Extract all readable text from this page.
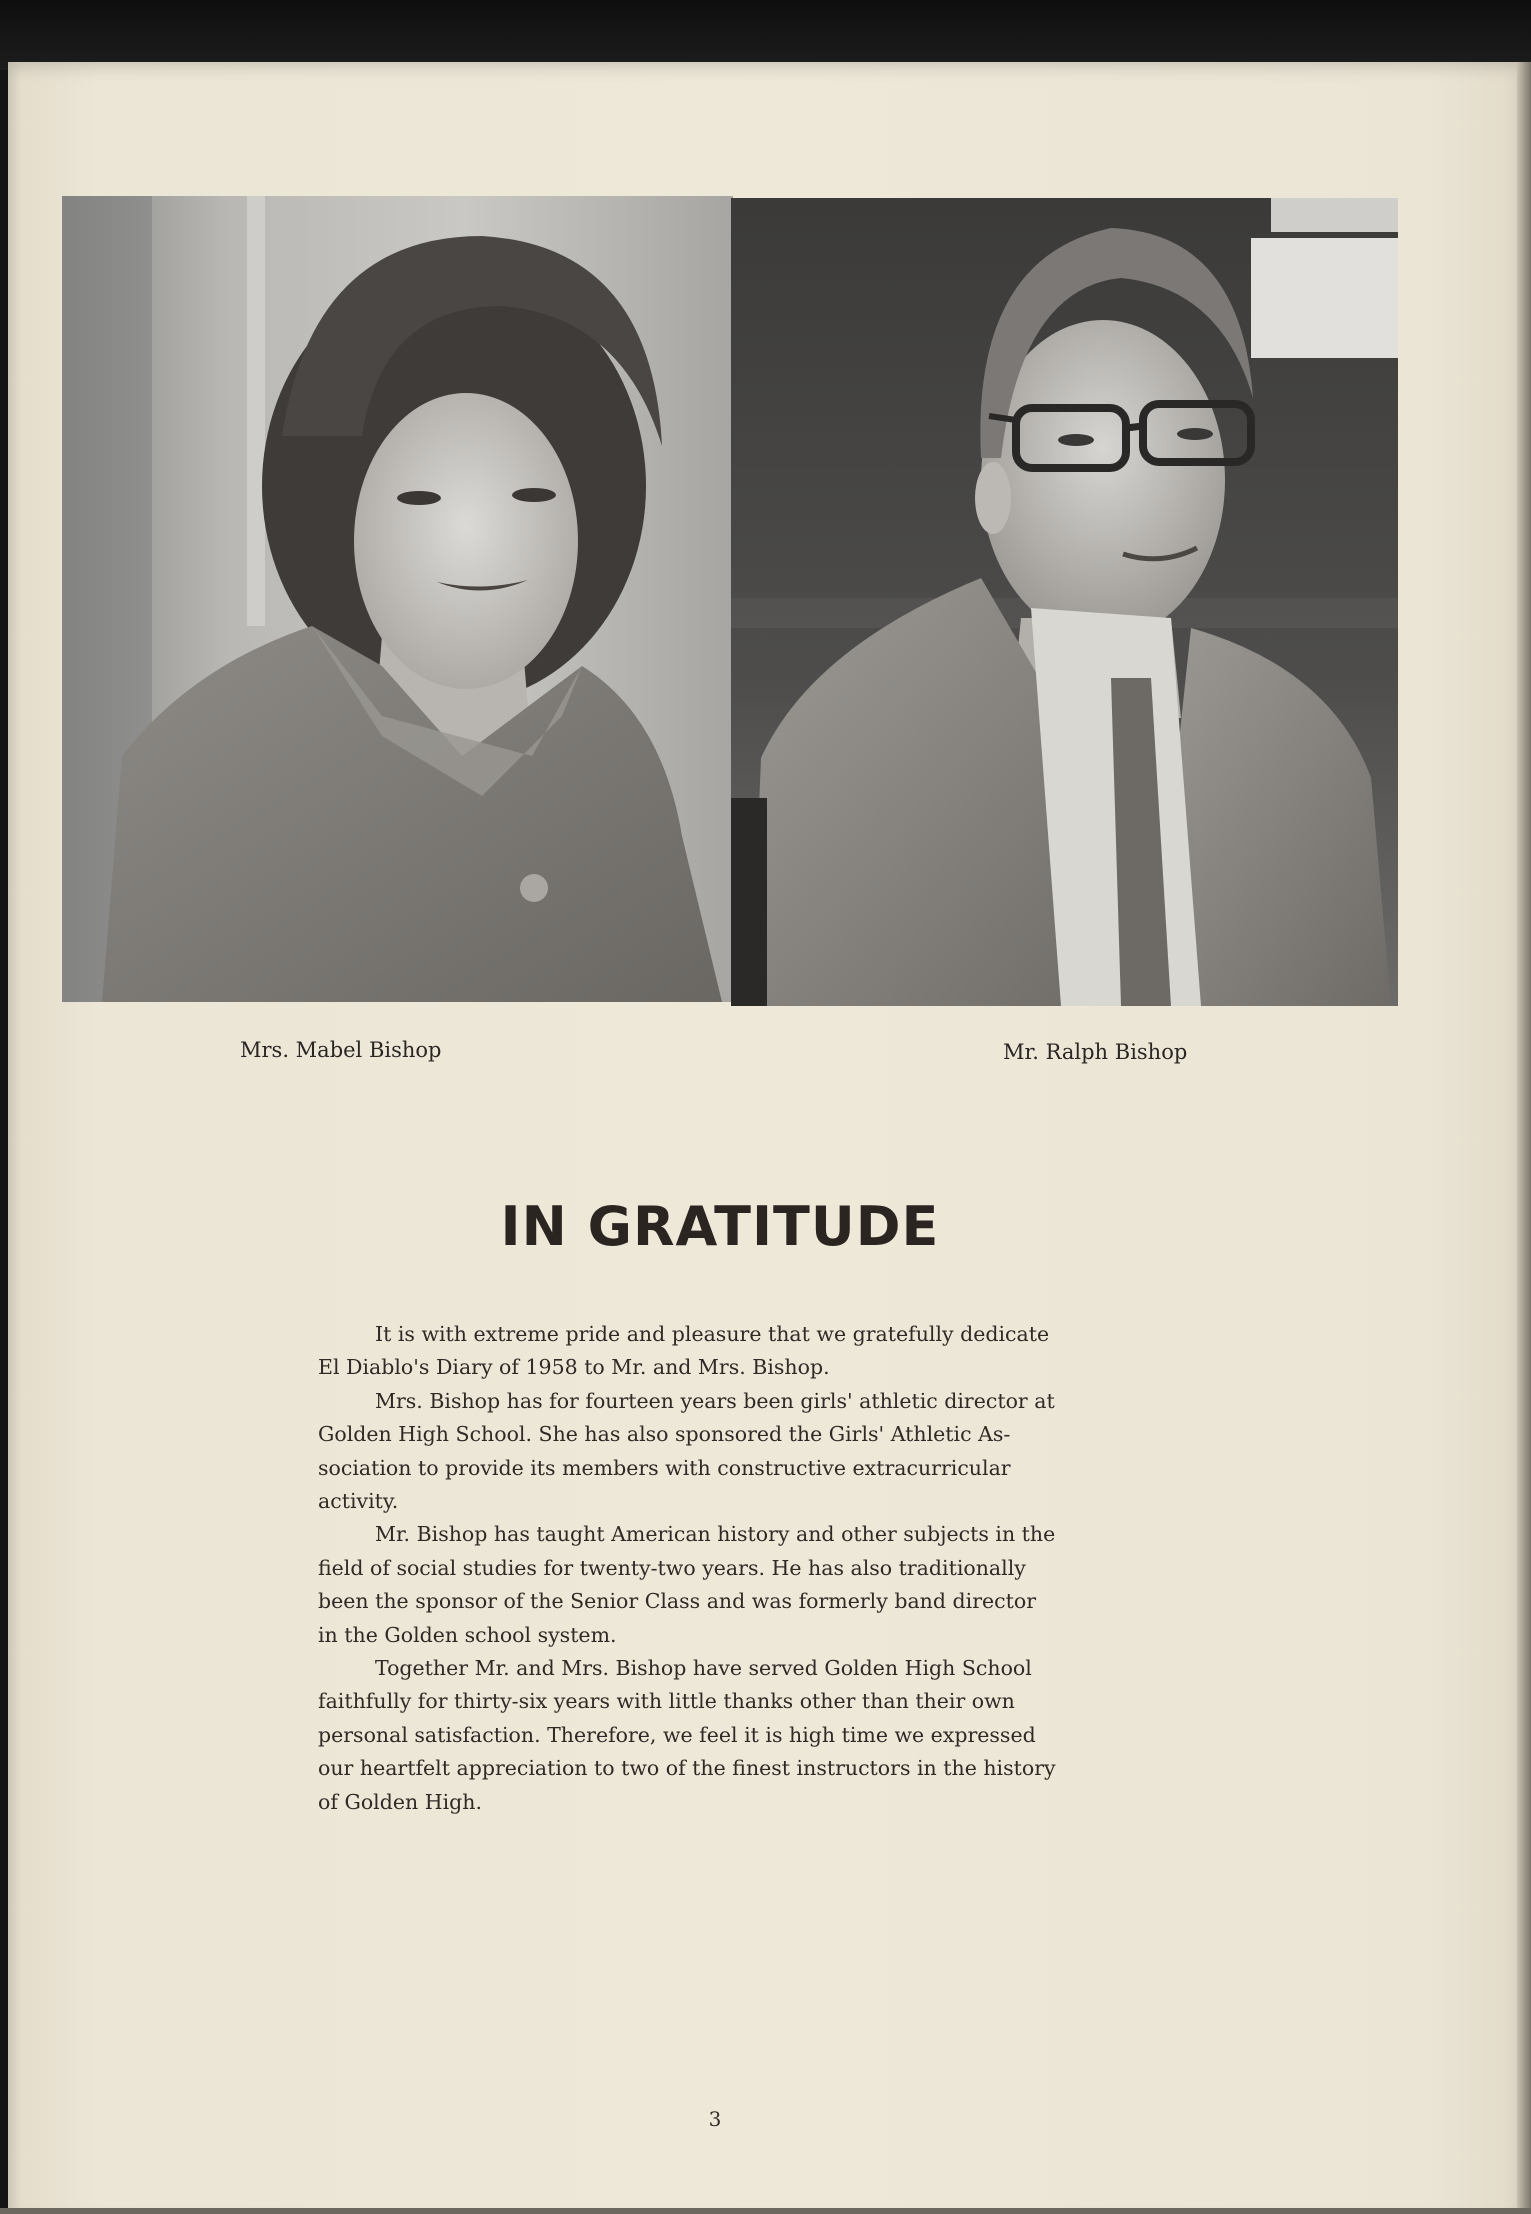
Mrs. Mabel Bishop	Mr. Ralph Bishop
IN GRATITUDE

It is with extreme pride and pleasure that we gratefully dedicate
El Diablo's Diary of 1958 to Mr. and Mrs. Bishop.

Mrs. Bishop has for fourteen years been girls' athletic director at
Golden High School. She has also sponsored the Girls' Athletic As-
sociation to provide its members with constructive extracurricular
activity.

Mr. Bishop has taught American history and other subjects in the
field of social studies for twenty-two years. He has also traditionally
been the sponsor of the Senior Class and was formerly band director
in the Golden school system.

Together Mr. and Mrs. Bishop have served Golden High School
faithfully for thirty-six years with little thanks other than their own
personal satisfaction. Therefore, we feel it is high time we expressed
our heartfelt appreciation to two of the finest instructors in the history
of Golden High.

3
